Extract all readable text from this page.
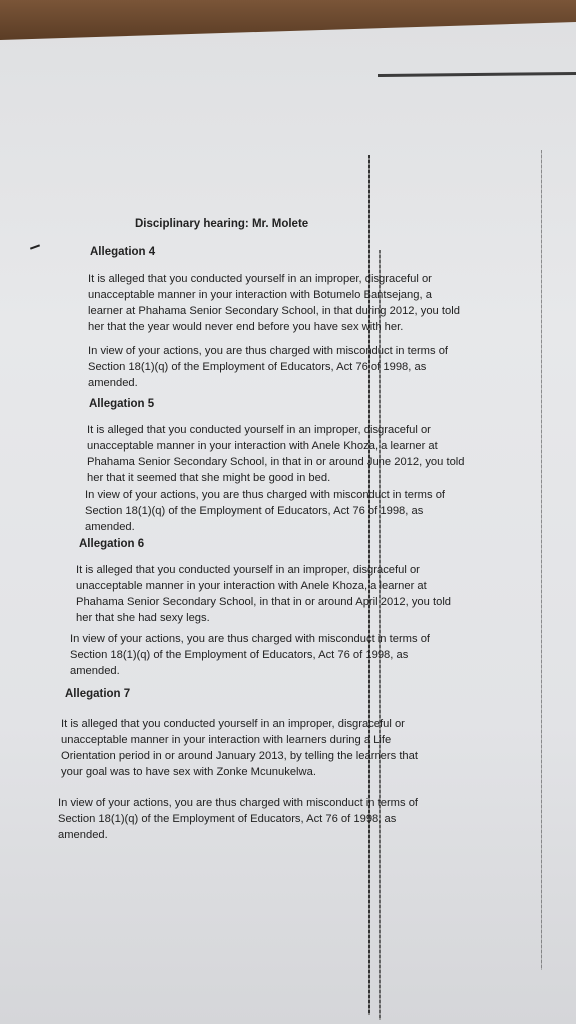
Disciplinary hearing: Mr. Molete
Allegation 4
It is alleged that you conducted yourself in an improper, disgraceful or
unacceptable manner in your interaction with Botumelo Bantsejang, a
learner at Phahama Senior Secondary School, in that during 2012, you told
her that the year would never end before you have sex with her.
In view of your actions, you are thus charged with misconduct in terms of
Section 18(1)(q) of the Employment of Educators, Act 76 of 1998, as
amended.
Allegation 5
It is alleged that you conducted yourself in an improper, disgraceful or
unacceptable manner in your interaction with Anele Khoza, a learner at
Phahama Senior Secondary School, in that in or around June 2012, you told
her that it seemed that she might be good in bed.
In view of your actions, you are thus charged with misconduct in terms of
Section 18(1)(q) of the Employment of Educators, Act 76 of 1998, as
amended.
Allegation 6
It is alleged that you conducted yourself in an improper, disgraceful or
unacceptable manner in your interaction with Anele Khoza, a learner at
Phahama Senior Secondary School, in that in or around April 2012, you told
her that she had sexy legs.
In view of your actions, you are thus charged with misconduct in terms of
Section 18(1)(q) of the Employment of Educators, Act 76 of 1998, as
amended.
Allegation 7
It is alleged that you conducted yourself in an improper, disgraceful or
unacceptable manner in your interaction with learners during a Life
Orientation period in or around January 2013, by telling the learners that
your goal was to have sex with Zonke Mcunukelwa.
In view of your actions, you are thus charged with misconduct in terms of
Section 18(1)(q) of the Employment of Educators, Act 76 of 1998, as
amended.
